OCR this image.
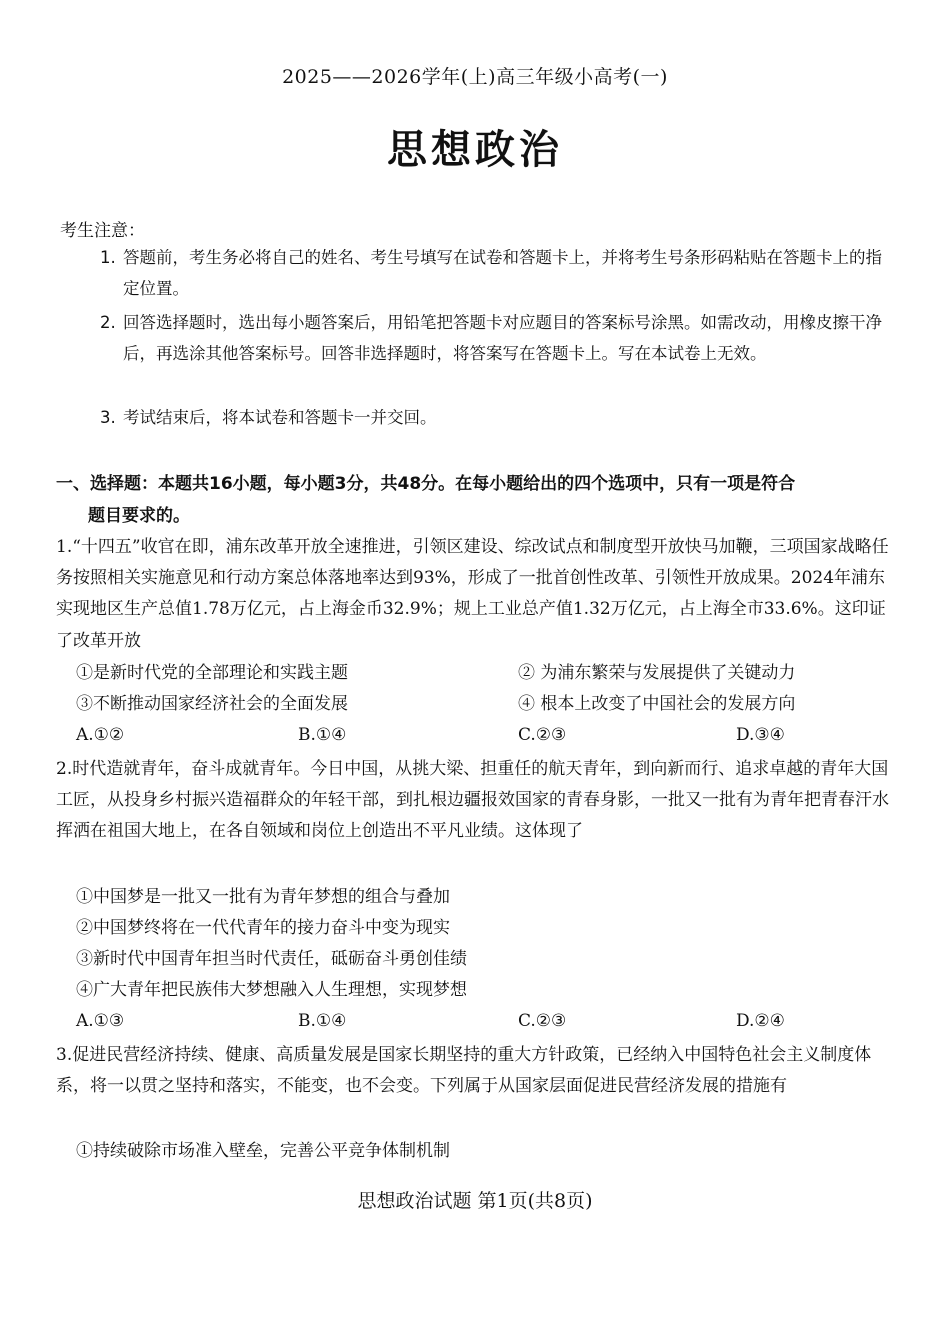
2025——2026学年(上)高三年级小高考(一)
思想政治
考生注意：
1. 答题前，考生务必将自己的姓名、考生号填写在试卷和答题卡上，并将考生号条形码粘贴在答题卡上的指定位置。
2. 回答选择题时，选出每小题答案后，用铅笔把答题卡对应题目的答案标号涂黑。如需改动，用橡皮擦干净后，再选涂其他答案标号。回答非选择题时，将答案写在答题卡上。写在本试卷上无效。
3. 考试结束后，将本试卷和答题卡一并交回。
一、选择题：本题共16小题，每小题3分，共48分。在每小题给出的四个选项中，只有一项是符合
题目要求的。
1.“十四五”收官在即，浦东改革开放全速推进，引领区建设、综改试点和制度型开放快马加鞭，三项国家战略任务按照相关实施意见和行动方案总体落地率达到93%，形成了一批首创性改革、引领性开放成果。2024年浦东实现地区生产总值1.78万亿元，占上海金币32.9%；规上工业总产值1.32万亿元，占上海全市33.6%。这印证了改革开放
①是新时代党的全部理论和实践主题	② 为浦东繁荣与发展提供了关键动力
③不断推动国家经济社会的全面发展	④ 根本上改变了中国社会的发展方向
A.①②	B.①④	C.②③	D.③④
2.时代造就青年，奋斗成就青年。今日中国，从挑大梁、担重任的航天青年，到向新而行、追求卓越的青年大国工匠，从投身乡村振兴造福群众的年轻干部，到扎根边疆报效国家的青春身影，一批又一批有为青年把青春汗水挥洒在祖国大地上，在各自领域和岗位上创造出不平凡业绩。这体现了
①中国梦是一批又一批有为青年梦想的组合与叠加
②中国梦终将在一代代青年的接力奋斗中变为现实
③新时代中国青年担当时代责任，砥砺奋斗勇创佳绩
④广大青年把民族伟大梦想融入人生理想，实现梦想
A.①③	B.①④	C.②③	D.②④
3.促进民营经济持续、健康、高质量发展是国家长期坚持的重大方针政策，已经纳入中国特色社会主义制度体系，将一以贯之坚持和落实，不能变，也不会变。下列属于从国家层面促进民营经济发展的措施有
①持续破除市场准入壁垒，完善公平竞争体制机制
思想政治试题 第1页(共8页)
